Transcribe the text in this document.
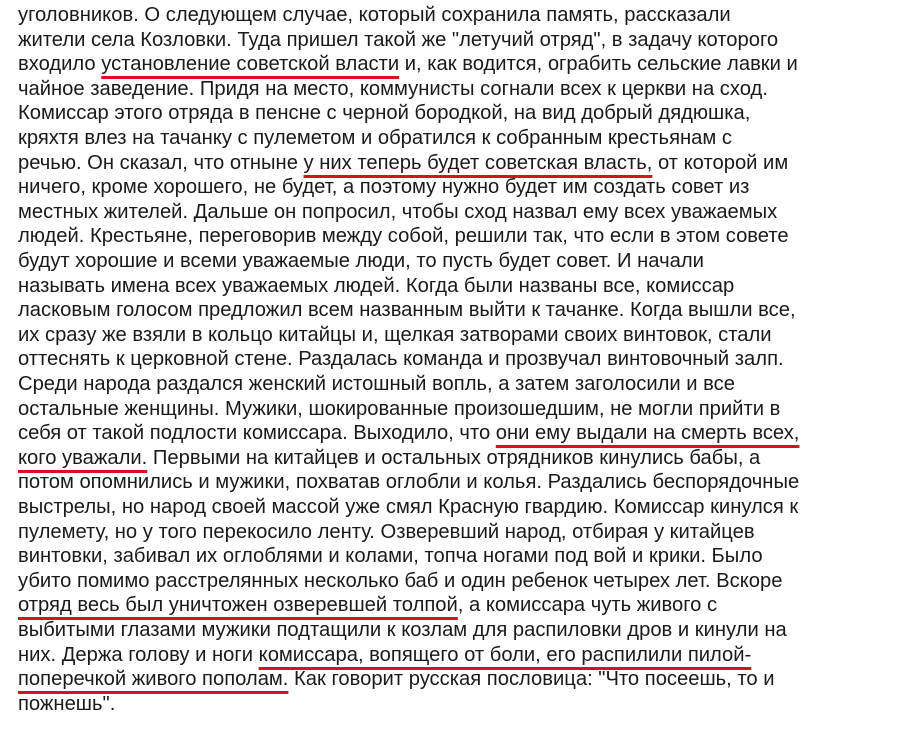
уголовников. О следующем случае, который сохранила память, рассказали
жители села Козловки. Туда пришел такой же "летучий отряд", в задачу которого
входило установление советской власти и, как водится, ограбить сельские лавки и
чайное заведение. Придя на место, коммунисты согнали всех к церкви на сход.
Комиссар этого отряда в пенсне с черной бородкой, на вид добрый дядюшка,
кряхтя влез на тачанку с пулеметом и обратился к собранным крестьянам с
речью. Он сказал, что отныне у них теперь будет советская власть, от которой им
ничего, кроме хорошего, не будет, а поэтому нужно будет им создать совет из
местных жителей. Дальше он попросил, чтобы сход назвал ему всех уважаемых
людей. Крестьяне, переговорив между собой, решили так, что если в этом совете
будут хорошие и всеми уважаемые люди, то пусть будет совет. И начали
называть имена всех уважаемых людей. Когда были названы все, комиссар
ласковым голосом предложил всем названным выйти к тачанке. Когда вышли все,
их сразу же взяли в кольцо китайцы и, щелкая затворами своих винтовок, стали
оттеснять к церковной стене. Раздалась команда и прозвучал винтовочный залп.
Среди народа раздался женский истошный вопль, а затем заголосили и все
остальные женщины. Мужики, шокированные произошедшим, не могли прийти в
себя от такой подлости комиссара. Выходило, что они ему выдали на смерть всех,
кого уважали. Первыми на китайцев и остальных отрядников кинулись бабы, а
потом опомнились и мужики, похватав оглобли и колья. Раздались беспорядочные
выстрелы, но народ своей массой уже смял Красную гвардию. Комиссар кинулся к
пулемету, но у того перекосило ленту. Озверевший народ, отбирая у китайцев
винтовки, забивал их оглоблями и колами, топча ногами под вой и крики. Было
убито помимо расстрелянных несколько баб и один ребенок четырех лет. Вскоре
отряд весь был уничтожен озверевшей толпой, а комиссара чуть живого с
выбитыми глазами мужики подтащили к козлам для распиловки дров и кинули на
них. Держа голову и ноги комиссара, вопящего от боли, его распилили пилой-
поперечкой живого пополам. Как говорит русская пословица: "Что посеешь, то и
пожнешь".
